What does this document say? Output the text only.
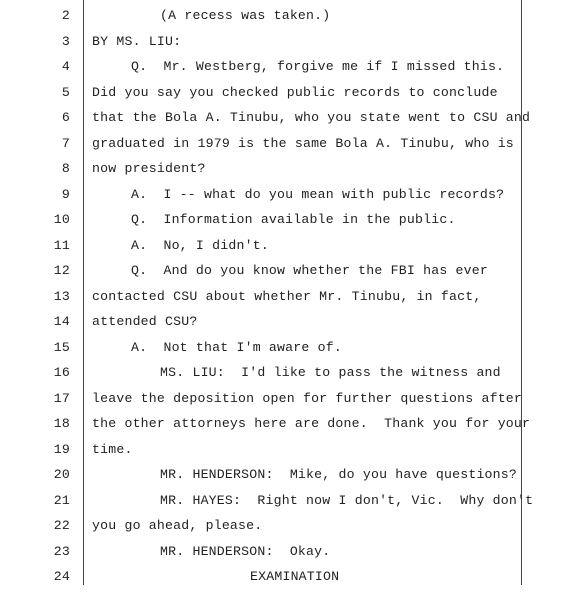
2	(A recess was taken.)
3 BY MS. LIU:
4	Q.  Mr. Westberg, forgive me if I missed this.
5 Did you say you checked public records to conclude
6 that the Bola A. Tinubu, who you state went to CSU and
7 graduated in 1979 is the same Bola A. Tinubu, who is
8 now president?
9	A.  I -- what do you mean with public records?
10	Q.  Information available in the public.
11	A.  No, I didn't.
12	Q.  And do you know whether the FBI has ever
13 contacted CSU about whether Mr. Tinubu, in fact,
14 attended CSU?
15	A.  Not that I'm aware of.
16	MS. LIU:  I'd like to pass the witness and
17 leave the deposition open for further questions after
18 the other attorneys here are done.  Thank you for your
19 time.
20	MR. HENDERSON:  Mike, do you have questions?
21	MR. HAYES:  Right now I don't, Vic.  Why don't
22 you go ahead, please.
23	MR. HENDERSON:  Okay.
24	EXAMINATION
